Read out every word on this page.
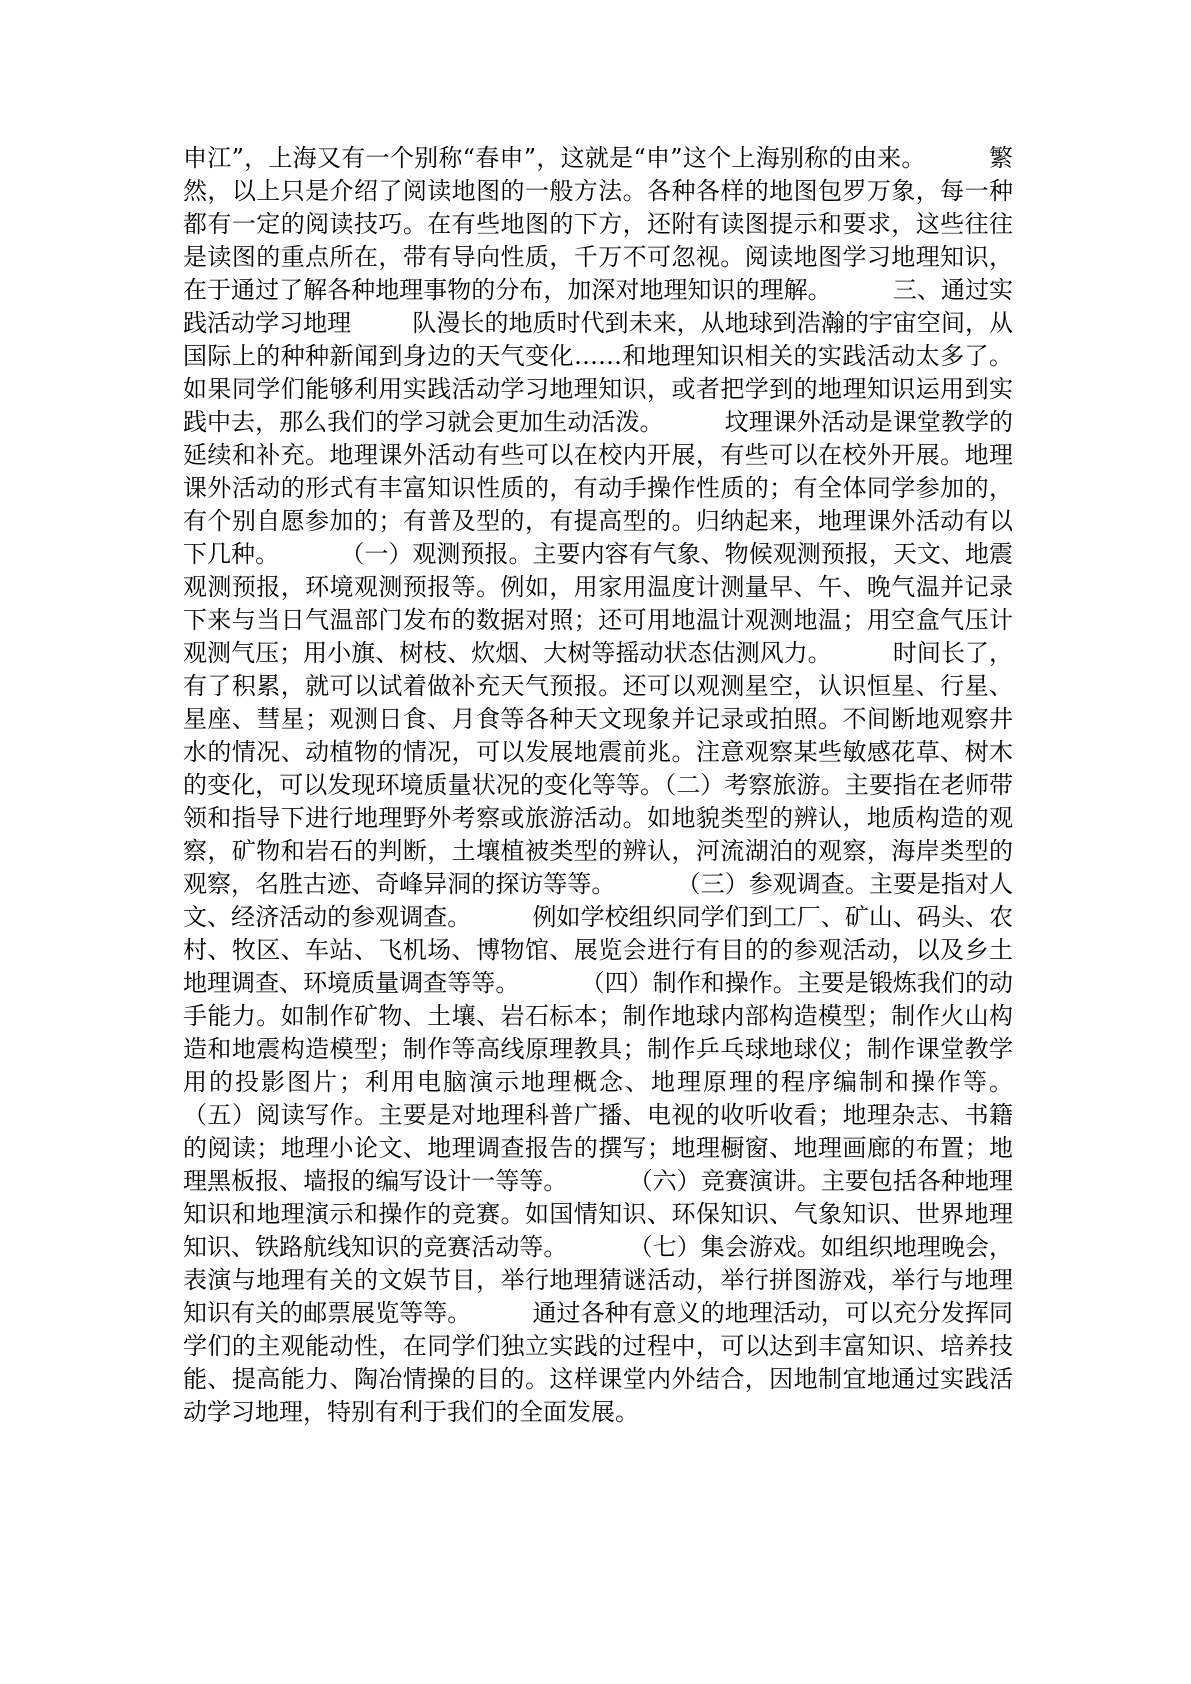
申江”，上海又有一个别称“春申”，这就是“申”这个上海别称的由来。        繁然，以上只是介绍了阅读地图的一般方法。各种各样的地图包罗万象，每一种都有一定的阅读技巧。在有些地图的下方，还附有读图提示和要求，这些往往是读图的重点所在，带有导向性质，千万不可忽视。阅读地图学习地理知识，在于通过了解各种地理事物的分布，加深对地理知识的理解。        三、通过实践活动学习地理        队漫长的地质时代到未来，从地球到浩瀚的宇宙空间，从国际上的种种新闻到身边的天气变化……和地理知识相关的实践活动太多了。如果同学们能够利用实践活动学习地理知识，或者把学到的地理知识运用到实践中去，那么我们的学习就会更加生动活泼。        坟理课外活动是课堂教学的延续和补充。地理课外活动有些可以在校内开展，有些可以在校外开展。地理课外活动的形式有丰富知识性质的，有动手操作性质的；有全体同学参加的，有个别自愿参加的；有普及型的，有提高型的。归纳起来，地理课外活动有以下几种。        （一）观测预报。主要内容有气象、物候观测预报，天文、地震观测预报，环境观测预报等。例如，用家用温度计测量早、午、晚气温并记录下来与当日气温部门发布的数据对照；还可用地温计观测地温；用空盒气压计观测气压；用小旗、树枝、炊烟、大树等摇动状态估测风力。        时间长了，有了积累，就可以试着做补充天气预报。还可以观测星空，认识恒星、行星、星座、彗星；观测日食、月食等各种天文现象并记录或拍照。不间断地观察井水的情况、动植物的情况，可以发展地震前兆。注意观察某些敏感花草、树木的变化，可以发现环境质量状况的变化等等。（二）考察旅游。主要指在老师带领和指导下进行地理野外考察或旅游活动。如地貌类型的辨认，地质构造的观察，矿物和岩石的判断，土壤植被类型的辨认，河流湖泊的观察，海岸类型的观察，名胜古迹、奇峰异洞的探访等等。        （三）参观调查。主要是指对人文、经济活动的参观调查。        例如学校组织同学们到工厂、矿山、码头、农村、牧区、车站、飞机场、博物馆、展览会进行有目的的参观活动，以及乡土地理调查、环境质量调查等等。        （四）制作和操作。主要是锻炼我们的动手能力。如制作矿物、土壤、岩石标本；制作地球内部构造模型；制作火山构造和地震构造模型；制作等高线原理教具；制作乒乓球地球仪；制作课堂教学用的投影图片；利用电脑演示地理概念、地理原理的程序编制和操作等。        （五）阅读写作。主要是对地理科普广播、电视的收听收看；地理杂志、书籍的阅读；地理小论文、地理调查报告的撰写；地理橱窗、地理画廊的布置；地理黑板报、墙报的编写设计一等等。        （六）竞赛演讲。主要包括各种地理知识和地理演示和操作的竞赛。如国情知识、环保知识、气象知识、世界地理知识、铁路航线知识的竞赛活动等。        （七）集会游戏。如组织地理晚会，表演与地理有关的文娱节目，举行地理猜谜活动，举行拼图游戏，举行与地理知识有关的邮票展览等等。        通过各种有意义的地理活动，可以充分发挥同学们的主观能动性，在同学们独立实践的过程中，可以达到丰富知识、培养技能、提高能力、陶冶情操的目的。这样课堂内外结合，因地制宜地通过实践活动学习地理，特别有利于我们的全面发展。
